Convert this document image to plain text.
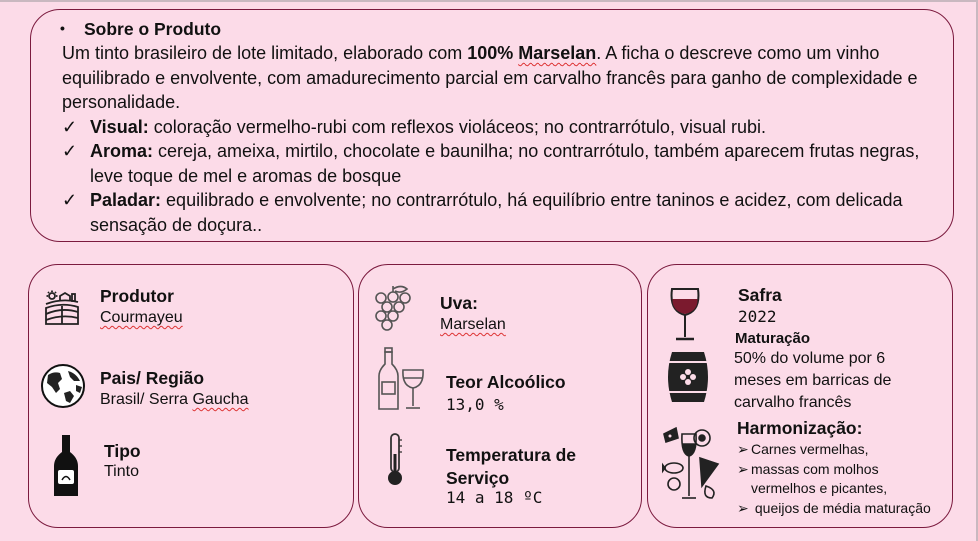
• Sobre o Produto
Um tinto brasileiro de lote limitado, elaborado com 100% Marselan. A ficha o descreve como um vinho equilibrado e envolvente, com amadurecimento parcial em carvalho francês para ganho de complexidade e personalidade.
✓ Visual: coloração vermelho-rubi com reflexos violáceos; no contrarrótulo, visual rubi.
✓ Aroma: cereja, ameixa, mirtilo, chocolate e baunilha; no contrarrótulo, também aparecem frutas negras, leve toque de mel e aromas de bosque
✓ Paladar: equilibrado e envolvente; no contrarrótulo, há equilíbrio entre taninos e acidez, com delicada sensação de doçura..
Produtor
Courmayeu
Pais/ Região
Brasil/ Serra Gaucha
Tipo
Tinto
Uva:
Marselan
Teor Alcoólico
13,0 %
Temperatura de
Serviço
14 a 18 ºC
Safra
2022
Maturação
50% do volume por 6
meses em barricas de
carvalho francês
Harmonização:
➢ Carnes vermelhas,
➢ massas com molhos
vermelhos e picantes,
➢ queijos de média maturação
